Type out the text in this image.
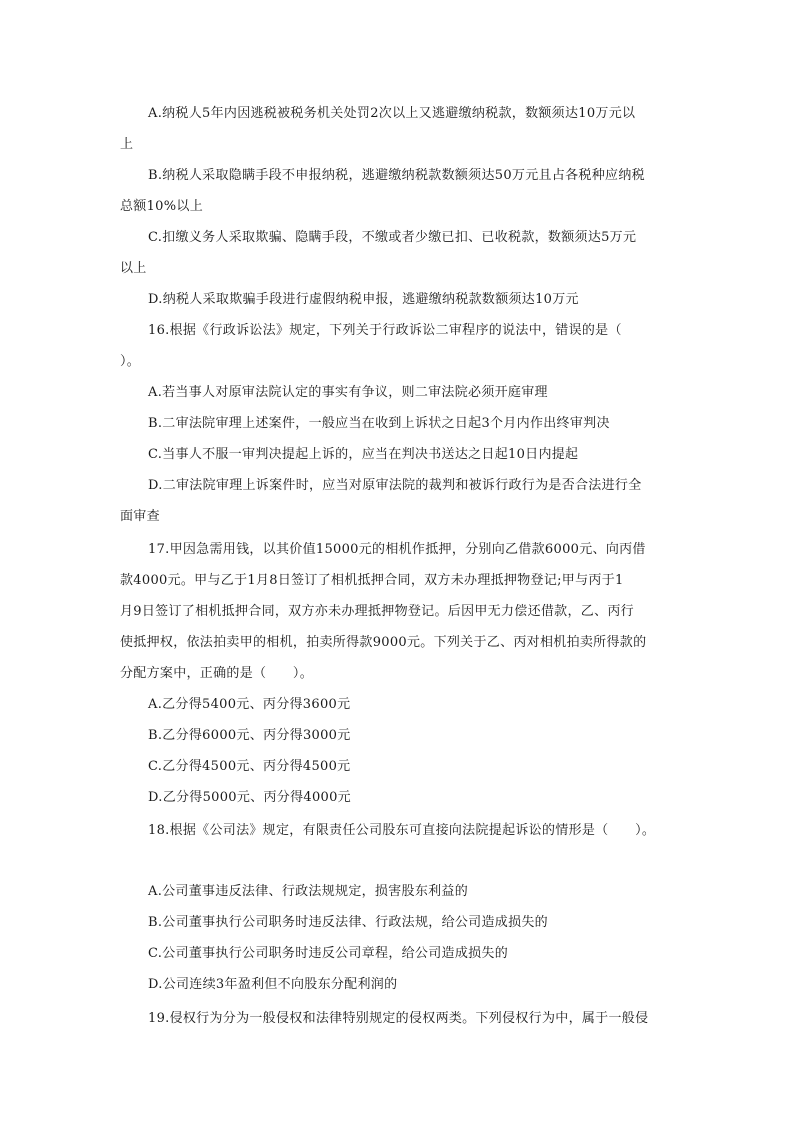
A.纳税人5年内因逃税被税务机关处罚2次以上又逃避缴纳税款，数额须达10万元以
上
B.纳税人采取隐瞒手段不申报纳税，逃避缴纳税款数额须达50万元且占各税种应纳税
总额10%以上
C.扣缴义务人采取欺骗、隐瞒手段，不缴或者少缴已扣、已收税款，数额须达5万元
以上
D.纳税人采取欺骗手段进行虚假纳税申报，逃避缴纳税款数额须达10万元
16.根据《行政诉讼法》规定，下列关于行政诉讼二审程序的说法中，错误的是（
）。
A.若当事人对原审法院认定的事实有争议，则二审法院必须开庭审理
B.二审法院审理上述案件，一般应当在收到上诉状之日起3个月内作出终审判决
C.当事人不服一审判决提起上诉的，应当在判决书送达之日起10日内提起
D.二审法院审理上诉案件时，应当对原审法院的裁判和被诉行政行为是否合法进行全
面审查
17.甲因急需用钱，以其价值15000元的相机作抵押，分别向乙借款6000元、向丙借
款4000元。甲与乙于1月8日签订了相机抵押合同，双方未办理抵押物登记;甲与丙于1
月9日签订了相机抵押合同，双方亦未办理抵押物登记。后因甲无力偿还借款，乙、丙行
使抵押权，依法拍卖甲的相机，拍卖所得款9000元。下列关于乙、丙对相机拍卖所得款的
分配方案中，正确的是（　　）。
A.乙分得5400元、丙分得3600元
B.乙分得6000元、丙分得3000元
C.乙分得4500元、丙分得4500元
D.乙分得5000元、丙分得4000元
18.根据《公司法》规定，有限责任公司股东可直接向法院提起诉讼的情形是（　　）。
A.公司董事违反法律、行政法规规定，损害股东利益的
B.公司董事执行公司职务时违反法律、行政法规，给公司造成损失的
C.公司董事执行公司职务时违反公司章程，给公司造成损失的
D.公司连续3年盈利但不向股东分配利润的
19.侵权行为分为一般侵权和法律特别规定的侵权两类。下列侵权行为中，属于一般侵
